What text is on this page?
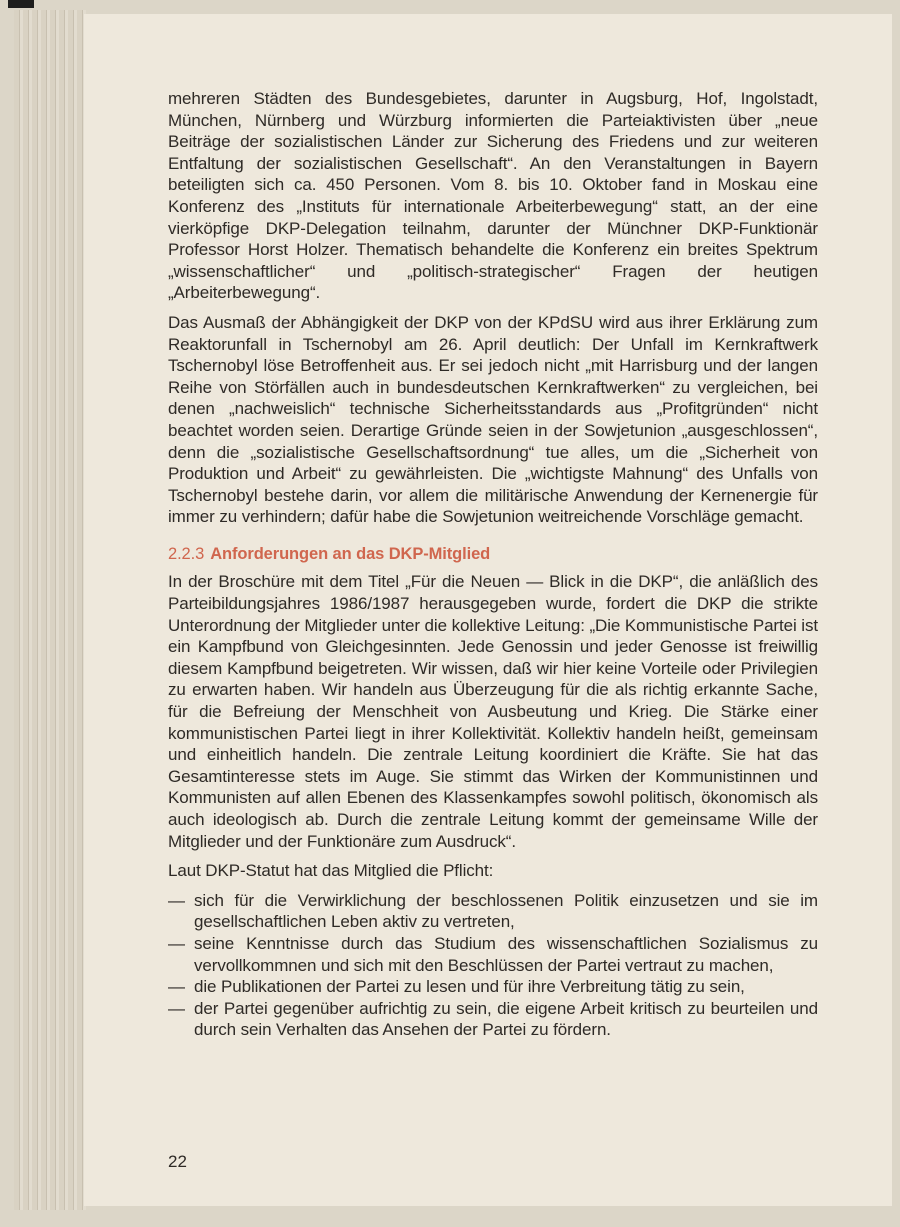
mehreren Städten des Bundesgebietes, darunter in Augsburg, Hof, Ingolstadt, München, Nürnberg und Würzburg informierten die Parteiaktivisten über „neue Beiträge der sozialistischen Länder zur Sicherung des Friedens und zur weiteren Entfaltung der sozialistischen Gesellschaft“. An den Veranstaltungen in Bayern beteiligten sich ca. 450 Personen. Vom 8. bis 10. Oktober fand in Moskau eine Konferenz des „Instituts für internationale Arbeiterbewegung“ statt, an der eine vierköpfige DKP-Delegation teilnahm, darunter der Münchner DKP-Funktionär Professor Horst Holzer. Thematisch behandelte die Konferenz ein breites Spektrum „wissenschaftlicher“ und „politisch-strategischer“ Fragen der heutigen „Arbeiterbewegung“.

Das Ausmaß der Abhängigkeit der DKP von der KPdSU wird aus ihrer Erklärung zum Reaktorunfall in Tschernobyl am 26. April deutlich: Der Unfall im Kernkraftwerk Tschernobyl löse Betroffenheit aus. Er sei jedoch nicht „mit Harrisburg und der langen Reihe von Störfällen auch in bundesdeutschen Kernkraftwerken“ zu vergleichen, bei denen „nachweislich“ technische Sicherheitsstandards aus „Profitgründen“ nicht beachtet worden seien. Derartige Gründe seien in der Sowjetunion „ausgeschlossen“, denn die „sozialistische Gesellschaftsordnung“ tue alles, um die „Sicherheit von Produktion und Arbeit“ zu gewährleisten. Die „wichtigste Mahnung“ des Unfalls von Tschernobyl bestehe darin, vor allem die militärische Anwendung der Kernenergie für immer zu verhindern; dafür habe die Sowjetunion weitreichende Vorschläge gemacht.

2.2.3 Anforderungen an das DKP-Mitglied

In der Broschüre mit dem Titel „Für die Neuen — Blick in die DKP“, die anläßlich des Parteibildungsjahres 1986/1987 herausgegeben wurde, fordert die DKP die strikte Unterordnung der Mitglieder unter die kollektive Leitung: „Die Kommunistische Partei ist ein Kampfbund von Gleichgesinnten. Jede Genossin und jeder Genosse ist freiwillig diesem Kampfbund beigetreten. Wir wissen, daß wir hier keine Vorteile oder Privilegien zu erwarten haben. Wir handeln aus Überzeugung für die als richtig erkannte Sache, für die Befreiung der Menschheit von Ausbeutung und Krieg. Die Stärke einer kommunistischen Partei liegt in ihrer Kollektivität. Kollektiv handeln heißt, gemeinsam und einheitlich handeln. Die zentrale Leitung koordiniert die Kräfte. Sie hat das Gesamtinteresse stets im Auge. Sie stimmt das Wirken der Kommunistinnen und Kommunisten auf allen Ebenen des Klassenkampfes sowohl politisch, ökonomisch als auch ideologisch ab. Durch die zentrale Leitung kommt der gemeinsame Wille der Mitglieder und der Funktionäre zum Ausdruck“.

Laut DKP-Statut hat das Mitglied die Pflicht:

— sich für die Verwirklichung der beschlossenen Politik einzusetzen und sie im gesellschaftlichen Leben aktiv zu vertreten,
— seine Kenntnisse durch das Studium des wissenschaftlichen Sozialismus zu vervollkommnen und sich mit den Beschlüssen der Partei vertraut zu machen,
— die Publikationen der Partei zu lesen und für ihre Verbreitung tätig zu sein,
— der Partei gegenüber aufrichtig zu sein, die eigene Arbeit kritisch zu beurteilen und durch sein Verhalten das Ansehen der Partei zu fördern.
22
